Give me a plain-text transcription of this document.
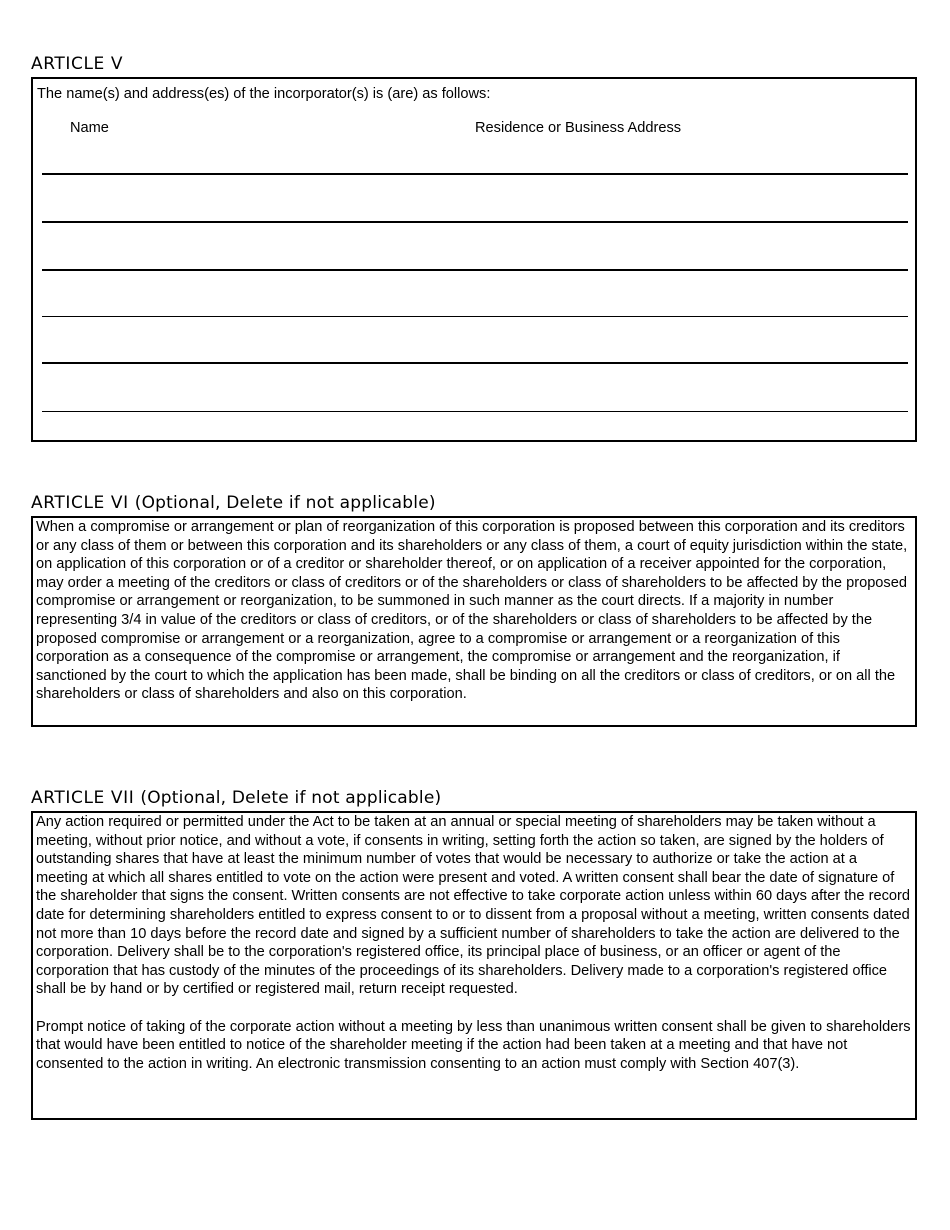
ARTICLE V
The name(s) and address(es) of the incorporator(s) is (are) as follows:
Name	Residence or Business Address
ARTICLE VI (Optional, Delete if not applicable)

When a compromise or arrangement or plan of reorganization of this corporation is proposed between this corporation and its creditors or any class of them or between this corporation and its shareholders or any class of them, a court of equity jurisdiction within the state, on application of this corporation or of a creditor or shareholder thereof, or on application of a receiver appointed for the corporation, may order a meeting of the creditors or class of creditors or of the shareholders or class of shareholders to be affected by the proposed compromise or arrangement or reorganization, to be summoned in such manner as the court directs. If a majority in number representing 3/4 in value of the creditors or class of creditors, or of the shareholders or class of shareholders to be affected by the proposed compromise or arrangement or a reorganization, agree to a compromise or arrangement or a reorganization of this corporation as a consequence of the compromise or arrangement, the compromise or arrangement and the reorganization, if sanctioned by the court to which the application has been made, shall be binding on all the creditors or class of creditors, or on all the shareholders or class of shareholders and also on this corporation.

ARTICLE VII (Optional, Delete if not applicable)
Any action required or permitted under the Act to be taken at an annual or special meeting of shareholders may be taken without a meeting, without prior notice, and without a vote, if consents in writing, setting forth the action so taken, are signed by the holders of outstanding shares that have at least the minimum number of votes that would be necessary to authorize or take the action at a meeting at which all shares entitled to vote on the action were present and voted. A written consent shall bear the date of signature of the shareholder that signs the consent. Written consents are not effective to take corporate action unless within 60 days after the record date for determining shareholders entitled to express consent to or to dissent from a proposal without a meeting, written consents dated not more than 10 days before the record date and signed by a sufficient number of shareholders to take the action are delivered to the corporation. Delivery shall be to the corporation's registered office, its principal place of business, or an officer or agent of the corporation that has custody of the minutes of the proceedings of its shareholders. Delivery made to a corporation's registered office shall be by hand or by certified or registered mail, return receipt requested.
Prompt notice of taking of the corporate action without a meeting by less than unanimous written consent shall be given to shareholders that would have been entitled to notice of the shareholder meeting if the action had been taken at a meeting and that have not consented to the action in writing. An electronic transmission consenting to an action must comply with Section 407(3).
